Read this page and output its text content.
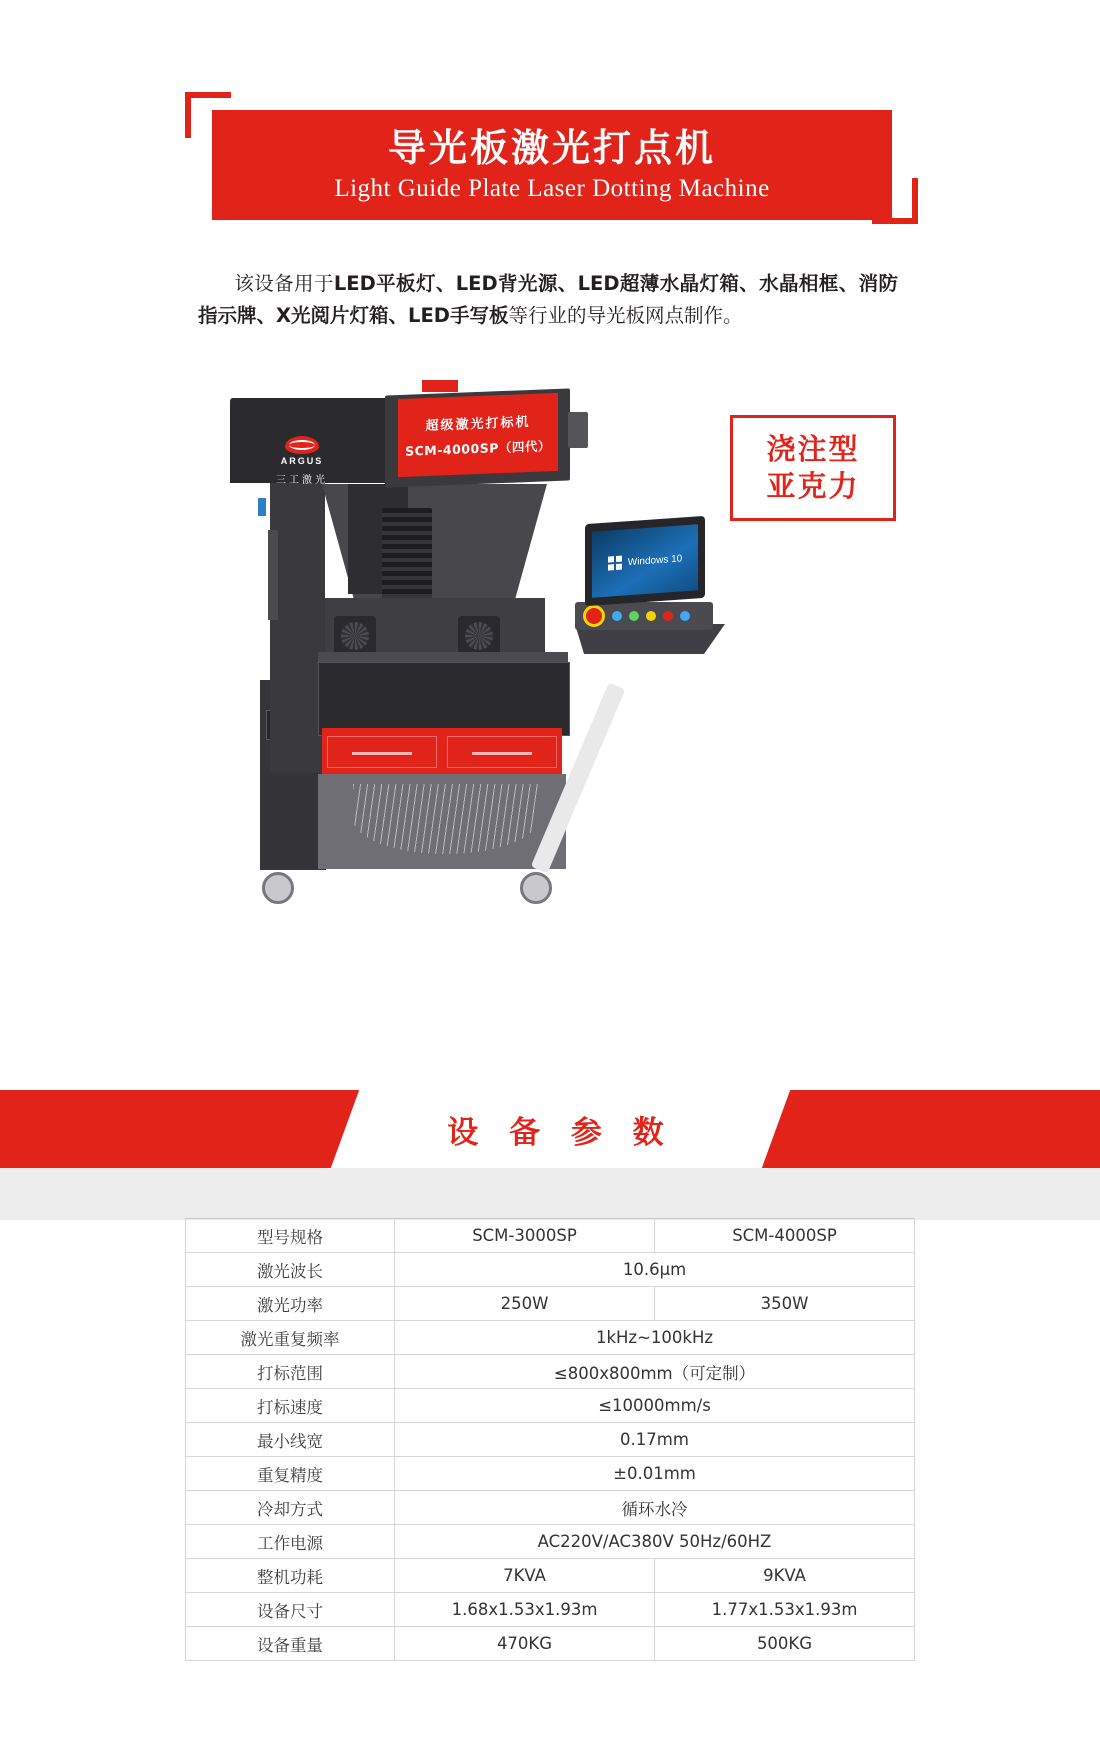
导光板激光打点机
Light Guide Plate Laser Dotting Machine
该设备用于LED平板灯、LED背光源、LED超薄水晶灯箱、水晶相框、消防指示牌、X光阅片灯箱、LED手写板等行业的导光板网点制作。
ARGUS
三工激光
超级激光打标机
SCM-4000SP（四代）
Windows 10
浇注型
亚克力
设 备 参 数
型号规格	SCM-3000SP	SCM-4000SP
激光波长	10.6μm	
激光功率	250W	350W
激光重复频率	1kHz~100kHz	
打标范围	≤800x800mm（可定制）	
打标速度	≤10000mm/s	
最小线宽	0.17mm	
重复精度	±0.01mm	
冷却方式	循环水冷	
工作电源	AC220V/AC380V 50Hz/60HZ	
整机功耗	7KVA	9KVA
设备尺寸	1.68x1.53x1.93m	1.77x1.53x1.93m
设备重量	470KG	500KG
